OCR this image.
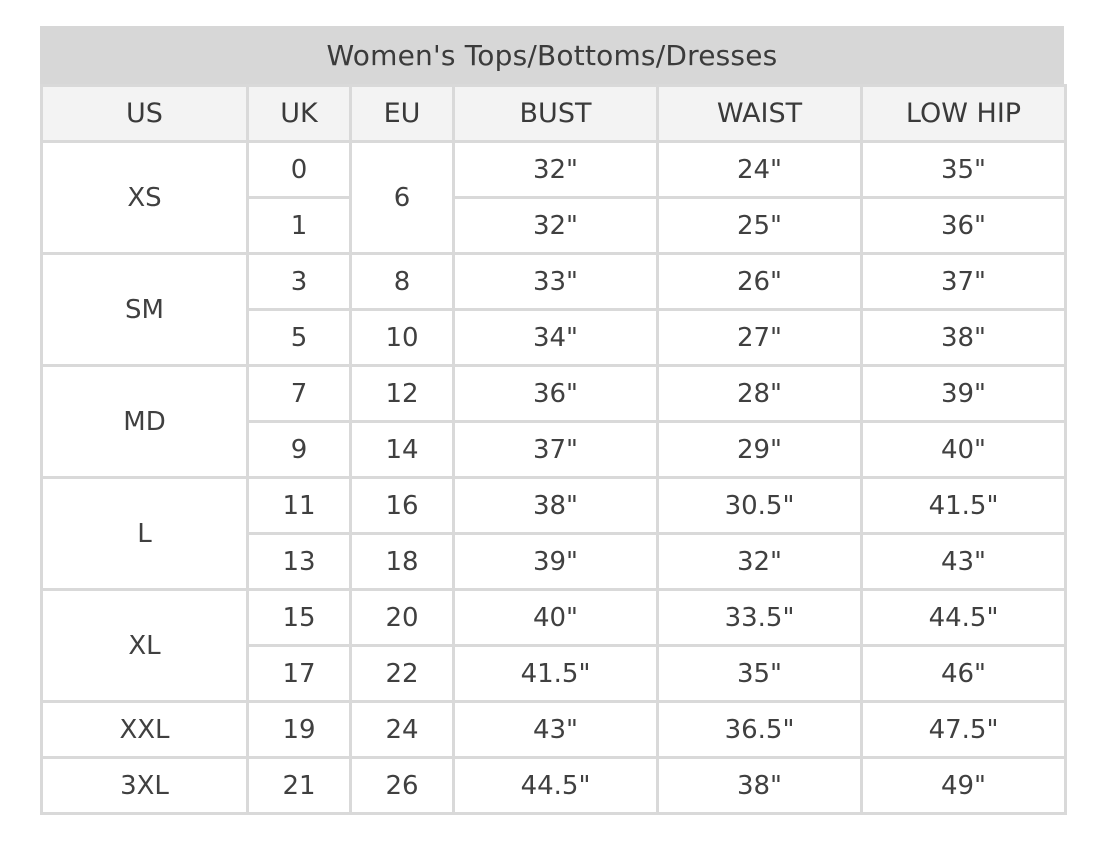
Women's Tops/Bottoms/Dresses
US	UK	EU	BUST	WAIST	LOW HIP
XS	0	6	32"	24"	35"
	1		32"	25"	36"
SM	3	8	33"	26"	37"
	5	10	34"	27"	38"
MD	7	12	36"	28"	39"
	9	14	37"	29"	40"
L	11	16	38"	30.5"	41.5"
	13	18	39"	32"	43"
XL	15	20	40"	33.5"	44.5"
	17	22	41.5"	35"	46"
XXL	19	24	43"	36.5"	47.5"
3XL	21	26	44.5"	38"	49"
